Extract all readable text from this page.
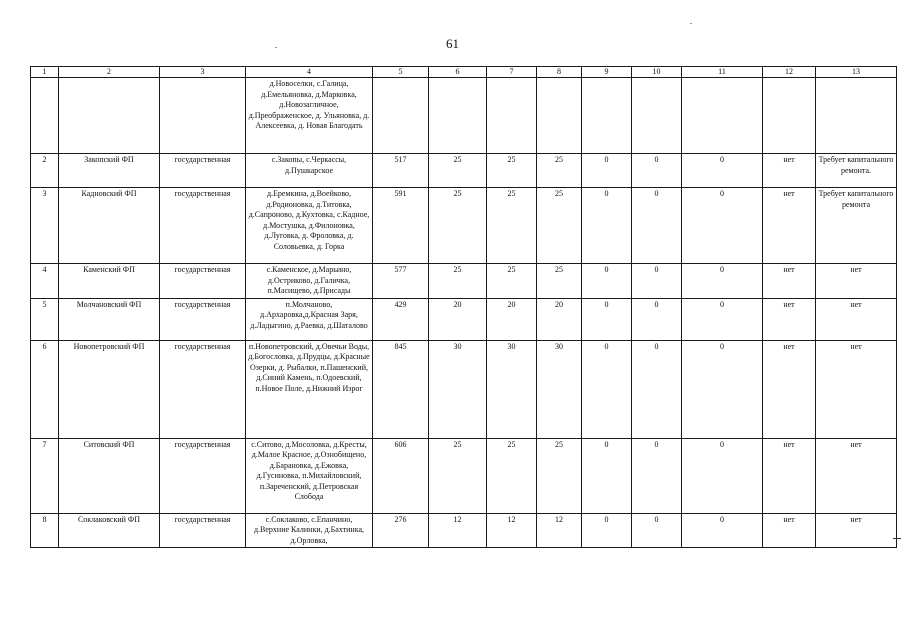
61
1	2	3	4	5	6	7	8	9	10	11	12	13
			д.Новоселки, с.Галица, д.Емельяновка, д.Марковка, д.Новозагличное, д.Преображенское, д. Ульяновка, д. Алексеевка, д. Новая Благодать									
2	Закопский ФП	государственная	с.Закопы, с.Черкассы, д.Пушкарское	517	25	25	25	0	0	0	нет	Требует капитального ремонта.
3	Кадновский ФП	государственная	д.Еремкина, д.Воейково, д.Родионовка, д.Титовка, д.Сапроново, д.Кухтовка, с.Кадное, д.Мостушка, д.Филоновка, д.Луговка, д. Фроловка, д. Соловьевка, д. Горка	591	25	25	25	0	0	0	нет	Требует капитального ремонта
4	Каменский ФП	государственная	с.Каменское, д.Марьино, д.Остриково, д.Галичка, п.Масищево, д.Присады	577	25	25	25	0	0	0	нет	нет
5	Молчановский ФП	государственная	п.Молчаново, д.Архаровка,д.Красная Заря, д.Ладыгино, д.Раевка, д.Шаталово	429	20	20	20	0	0	0	нет	нет
6	Новопетровский ФП	государственная	п.Новопетровский, д.Овечьи Воды, д.Богословка, д.Прудцы, д.Красные Озерки, д. Рыбалки, п.Пашенский, д.Синий Камень, п.Одоевский, п.Новое Поле, д.Нижний Изрог	845	30	30	30	0	0	0	нет	нет
7	Ситовский ФП	государственная	с.Ситово, д.Мосоловка, д.Кресты, д.Малое Красное, д.Ознобищено, д.Барановка, д.Ежовка, д.Гусиновка, п.Михайловский, п.Зареченский, д.Петровская Слобода	606	25	25	25	0	0	0	нет	нет
8	Соклаковский ФП	государственная	с.Соклаково, с.Епанчино, д.Верхние Калинки, д.Бахтинка, д.Орловка,	276	12	12	12	0	0	0	нет	нет
